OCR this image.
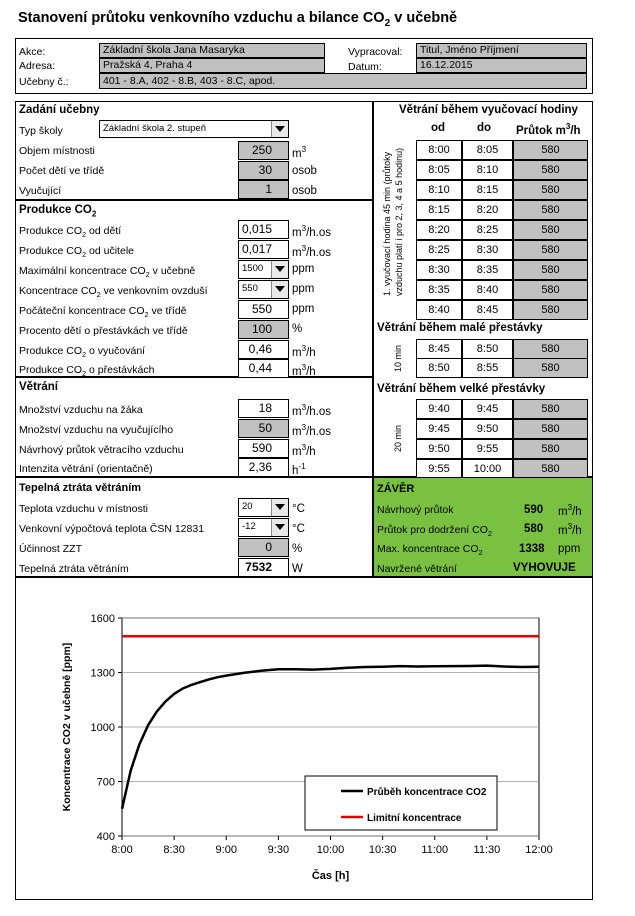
Stanovení průtoku venkovního vzduchu a bilance $CO_2$ v učebně
Akce:	Základní škola Jana Masaryka
Adresa:	Pražská 4, Praha 4
Učebny č.:	401 - 8.A, 402 - 8.B, 403 - 8.C, apod.
Vypracoval:	Titul, Jméno Příjmení
Datum:	16.12.2015
Zadání učebny
Typ školy	Základní škola 2. stupeň
Objem místnosti	250	$m^3$
Počet dětí ve třídě	30	osob
Vyučující	1	osob
Produkce $CO_2$
Produkce $CO_2$ od dětí	0,015	$m^3/h.os$
Produkce $CO_2$ od učitele	0,017	$m^3/h.os$
Maximální koncentrace $CO_2$ v učebně	1500	ppm
Koncentrace $CO_2$ ve venkovním ovzduší	550	ppm
Počáteční koncentrace $CO_2$ ve třídě	550	ppm
Procento dětí o přestávkách ve třídě	100	%
Produkce $CO_2$ o vyučování	0,46	$m^3/h$
Produkce $CO_2$ o přestávkách	0,44	$m^3/h$
Větrání
Množství vzduchu na žáka	18	$m^3/h.os$
Množství vzduchu na vyučujícího	50	$m^3/h.os$
Návrhový průtok větracího vzduchu	590	$m^3/h$
Intenzita větrání (orientačně)	2,36	$h^{-1}$
Tepelná ztráta větráním
Teplota vzduchu v místnosti	20	°C
Venkovní výpočtová teplota ČSN 12831	-12	°C
Účinnost ZZT	0	%
Tepelná ztráta větráním	7532	W
Větrání během vyučovací hodiny
od	do Průtok $m^3/h$
1. vyučovací hodina 45 min (průtoky vzduchu platí i pro 2, 3, 4 a 5 hodinu)	8:00	8:05	580
8:05	8:10	580
8:10	8:15	580
8:15	8:20	580
8:20	8:25	580
8:25	8:30	580
8:30	8:35	580
8:35	8:40	580
8:40	8:45	580
Větrání během malé přestávky
10 min	8:45	8:50	580
8:50	8:55	580
Větrání během velké přestávky
20 min
9:40	9:45	580
9:45	9:50	580
9:50	9:55	580
9:55	10:00	580
ZÁVĚR
Návrhový průtok	590 $m^3/h$
Průtok pro dodržení $CO_2$	580 $m^3/h$
Max. koncentrace $CO_2$	1338 ppm
Navržené větrání	VYHOVUJE
400
700
1000
1300
1600
8:00	8:30	9:00	9:30	10:00 10:30 11:00 11:30 12:00
Čas [h]
Koncentrace CO2 v učebně [ppm]	Průběh koncentrace CO2
Limitní koncentrace
